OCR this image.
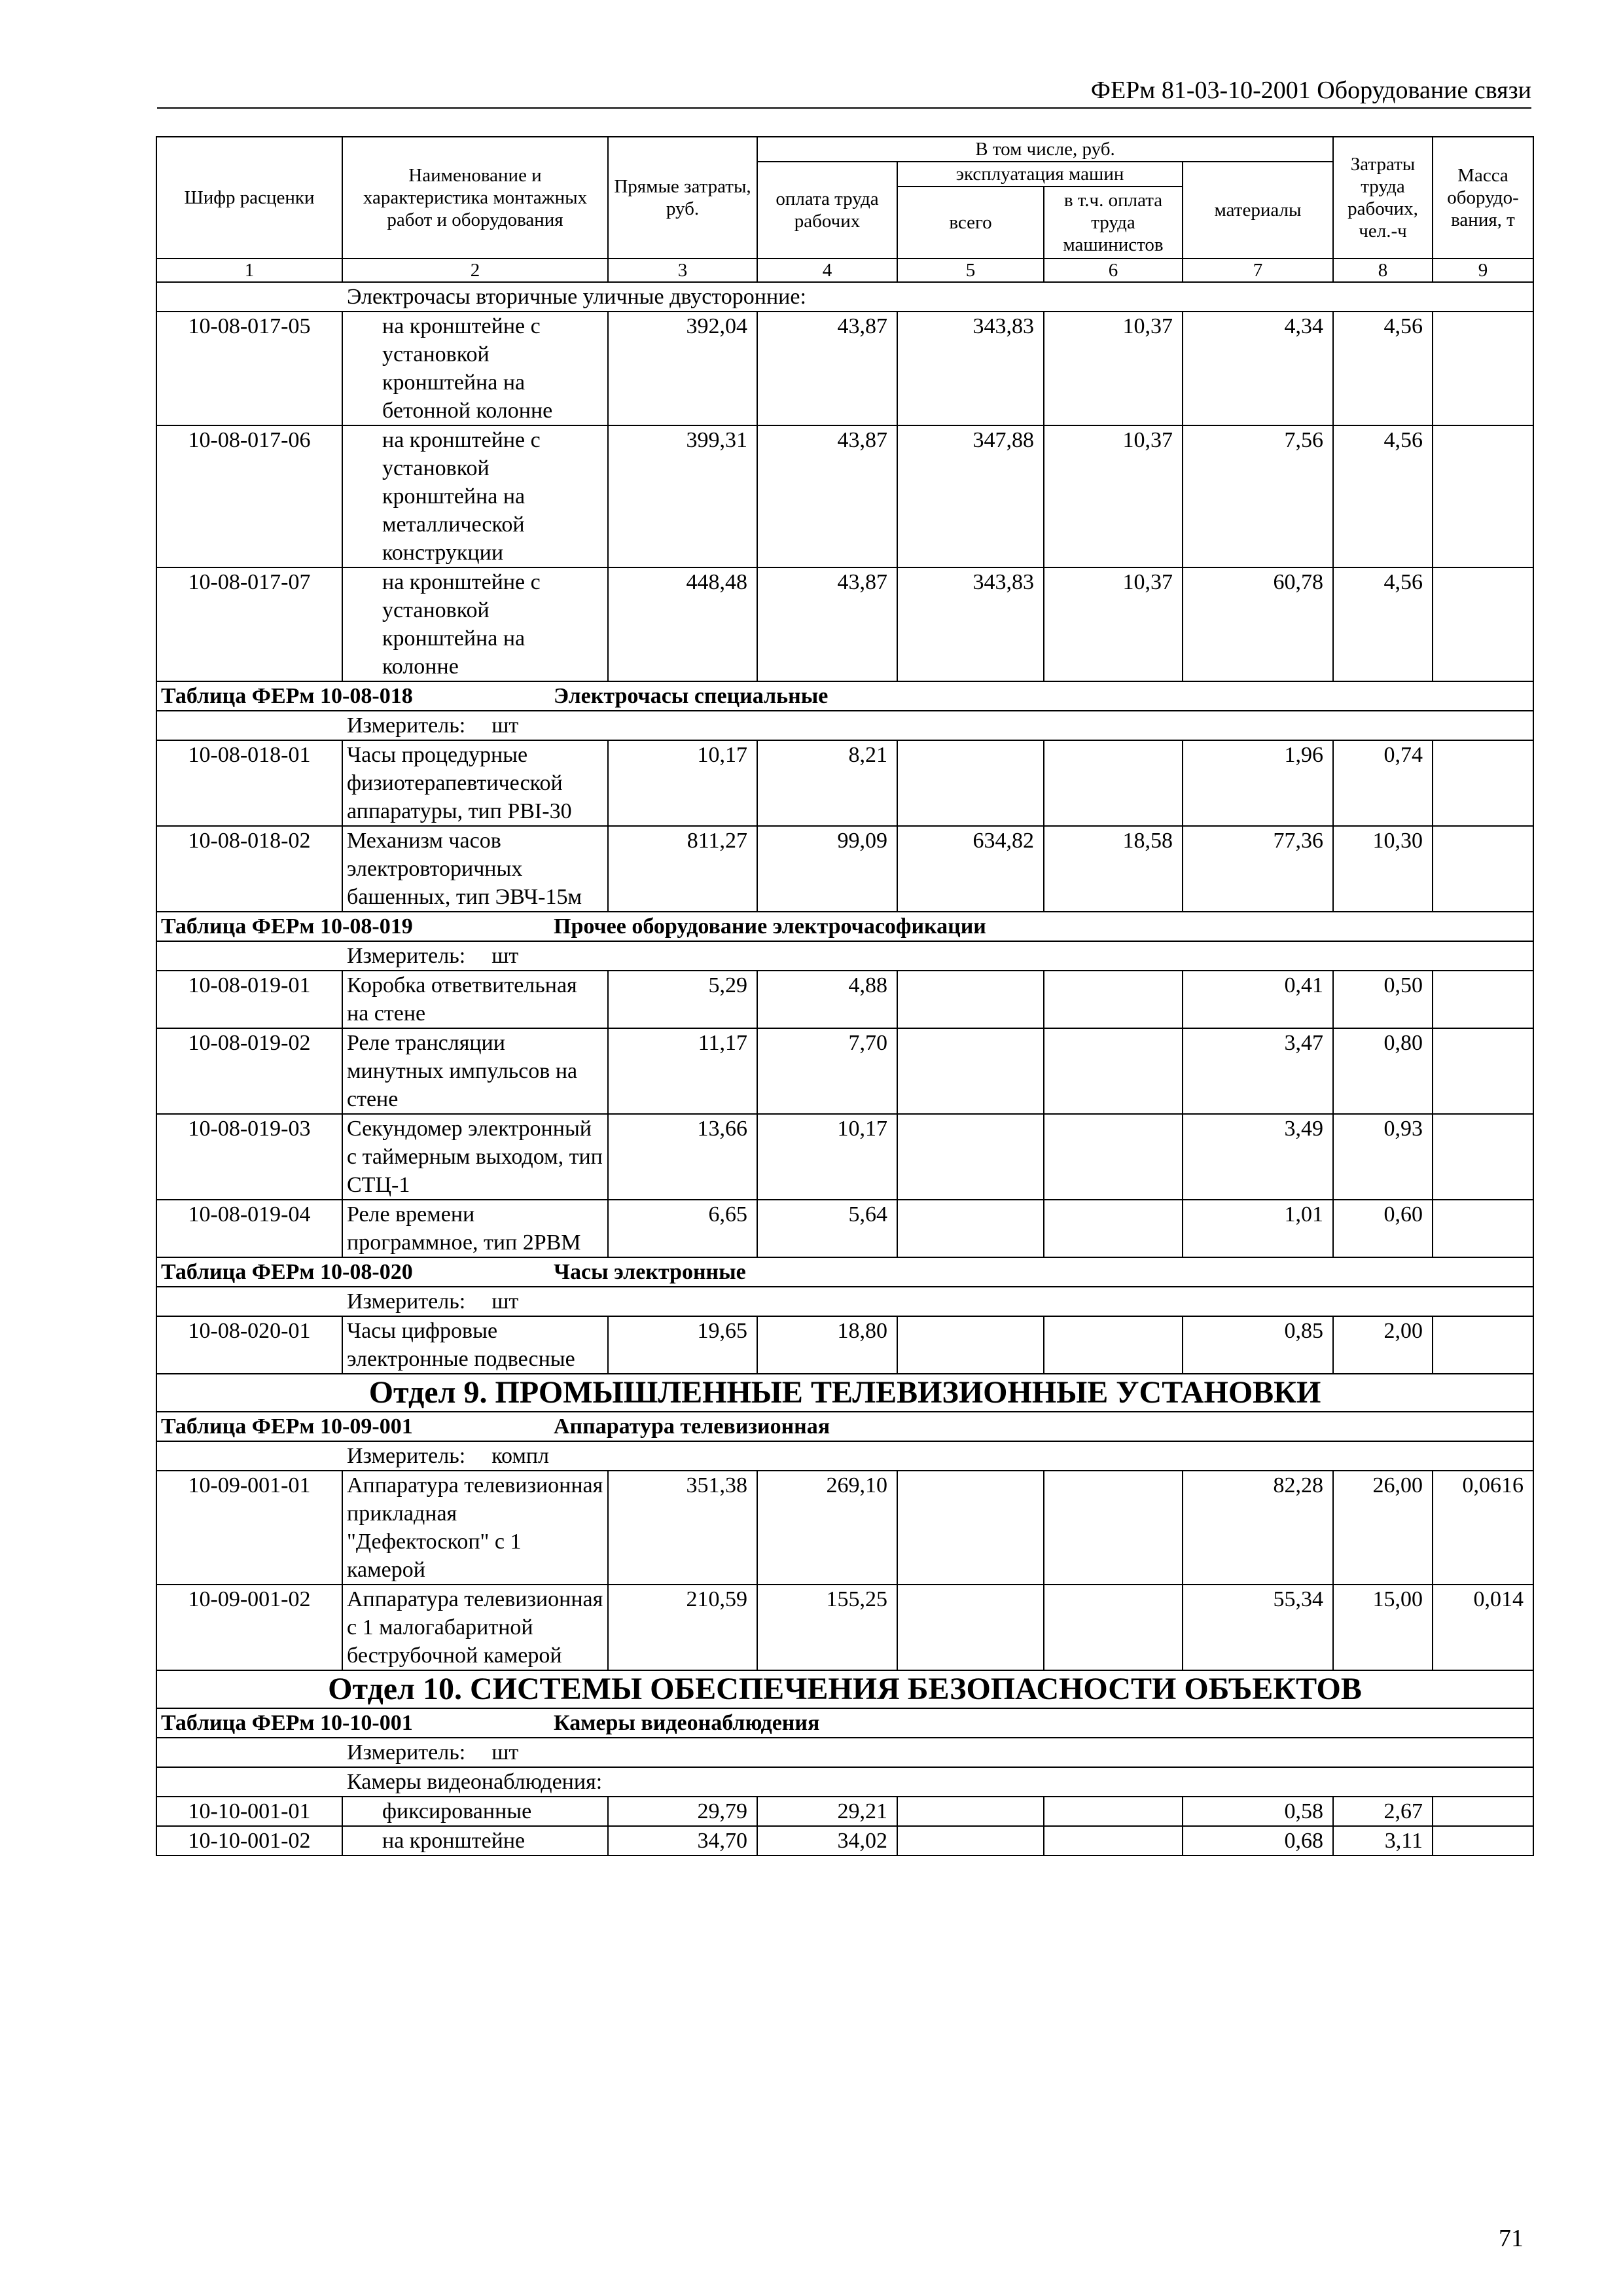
ФЕРм 81-03-10-2001 Оборудование связи
Шифр расценки	Наименование и характеристика монтажных работ и оборудования	Прямые затраты, руб.	В том числе, руб.				Затраты труда рабочих, чел.-ч	Масса оборудо-вания, т
			оплата труда рабочих	эксплуатация машин		материалы		
				всего	в т.ч. оплата труда машинистов			
1	2	3	4	5	6	7	8	9
Электрочасы вторичные уличные двусторонние:								
10-08-017-05	на кронштейне с установкой кронштейна на бетонной колонне	392,04	43,87	343,83	10,37	4,34	4,56	
10-08-017-06	на кронштейне с установкой кронштейна на металлической конструкции	399,31	43,87	347,88	10,37	7,56	4,56	
10-08-017-07	на кронштейне с установкой кронштейна на колонне	448,48	43,87	343,83	10,37	60,78	4,56	
Таблица ФЕРм 10-08-018 Электрочасы специальные								
Измеритель: шт								
10-08-018-01	Часы процедурные физиотерапевтической аппаратуры, тип PBI-30	10,17	8,21			1,96	0,74	
10-08-018-02	Механизм часов электровторичных башенных, тип ЭВЧ-15м	811,27	99,09	634,82	18,58	77,36	10,30	
Таблица ФЕРм 10-08-019 Прочее оборудование электрочасофикации								
Измеритель: шт								
10-08-019-01	Коробка ответвительная на стене	5,29	4,88			0,41	0,50	
10-08-019-02	Реле трансляции минутных импульсов на стене	11,17	7,70			3,47	0,80	
10-08-019-03	Секундомер электронный с таймерным выходом, тип СТЦ-1	13,66	10,17			3,49	0,93	
10-08-019-04	Реле времени программное, тип 2PBM	6,65	5,64			1,01	0,60	
Таблица ФЕРм 10-08-020 Часы электронные								
Измеритель: шт								
10-08-020-01	Часы цифровые электронные подвесные	19,65	18,80			0,85	2,00	
Отдел 9. ПРОМЫШЛЕННЫЕ ТЕЛЕВИЗИОННЫЕ УСТАНОВКИ								
Таблица ФЕРм 10-09-001 Аппаратура телевизионная								
Измеритель: компл								
10-09-001-01	Аппаратура телевизионная прикладная "Дефектоскоп" с 1 камерой	351,38	269,10			82,28	26,00	0,0616
10-09-001-02	Аппаратура телевизионная с 1 малогабаритной беструбочной камерой	210,59	155,25			55,34	15,00	0,014
Отдел 10. СИСТЕМЫ ОБЕСПЕЧЕНИЯ БЕЗОПАСНОСТИ ОБЪЕКТОВ								
Таблица ФЕРм 10-10-001 Камеры видеонаблюдения								
Измеритель: шт								
Камеры видеонаблюдения:								
10-10-001-01	фиксированные	29,79	29,21			0,58	2,67	
10-10-001-02	на кронштейне	34,70	34,02			0,68	3,11	
71
